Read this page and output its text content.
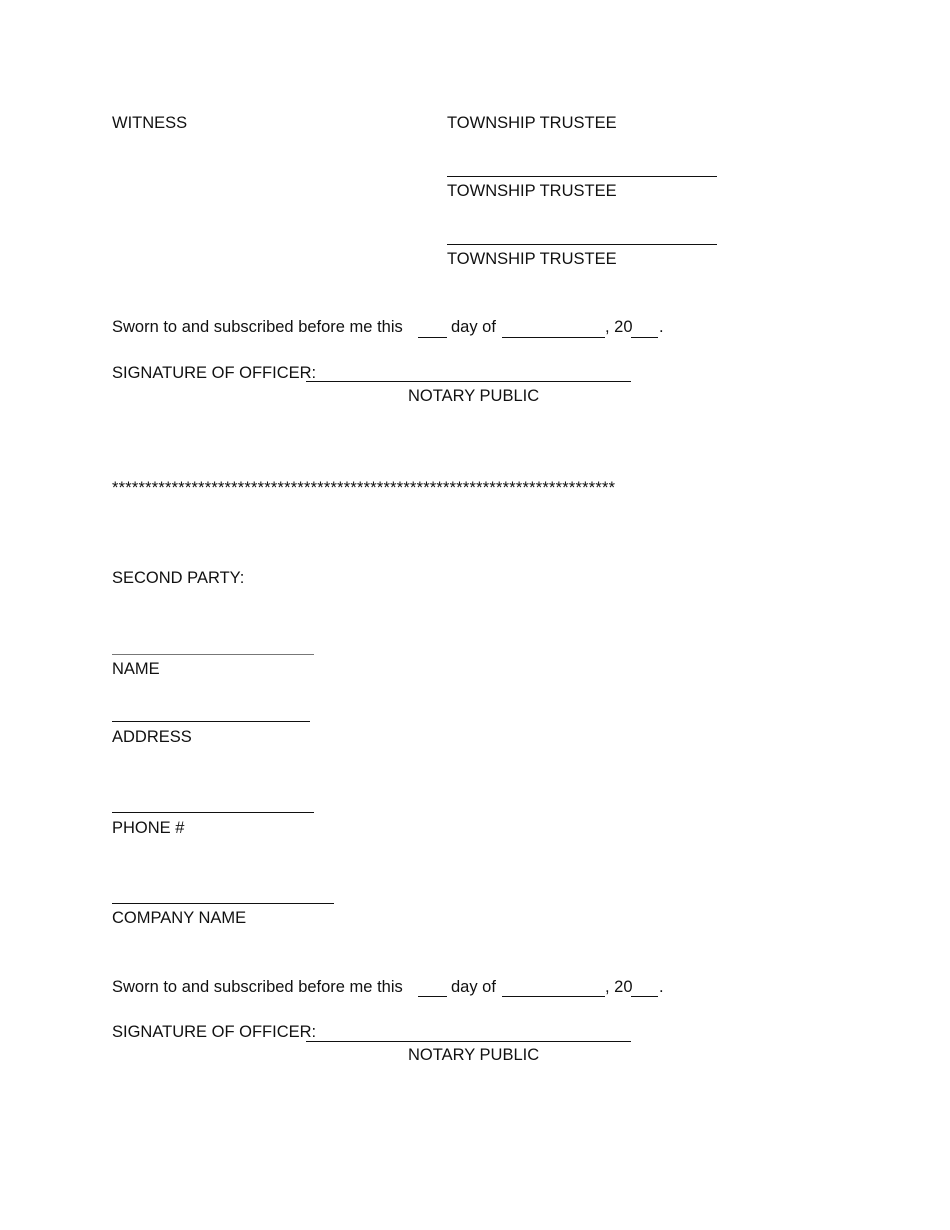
WITNESS	TOWNSHIP TRUSTEE
TOWNSHIP TRUSTEE
TOWNSHIP TRUSTEE
Sworn to and subscribed before me this	day of	, 20 .
SIGNATURE OF OFFICER:
NOTARY PUBLIC
****************************************************************************
SECOND PARTY:
NAME
ADDRESS
PHONE #
COMPANY NAME
Sworn to and subscribed before me this	day of	, 20 .
SIGNATURE OF OFFICER:
NOTARY PUBLIC
